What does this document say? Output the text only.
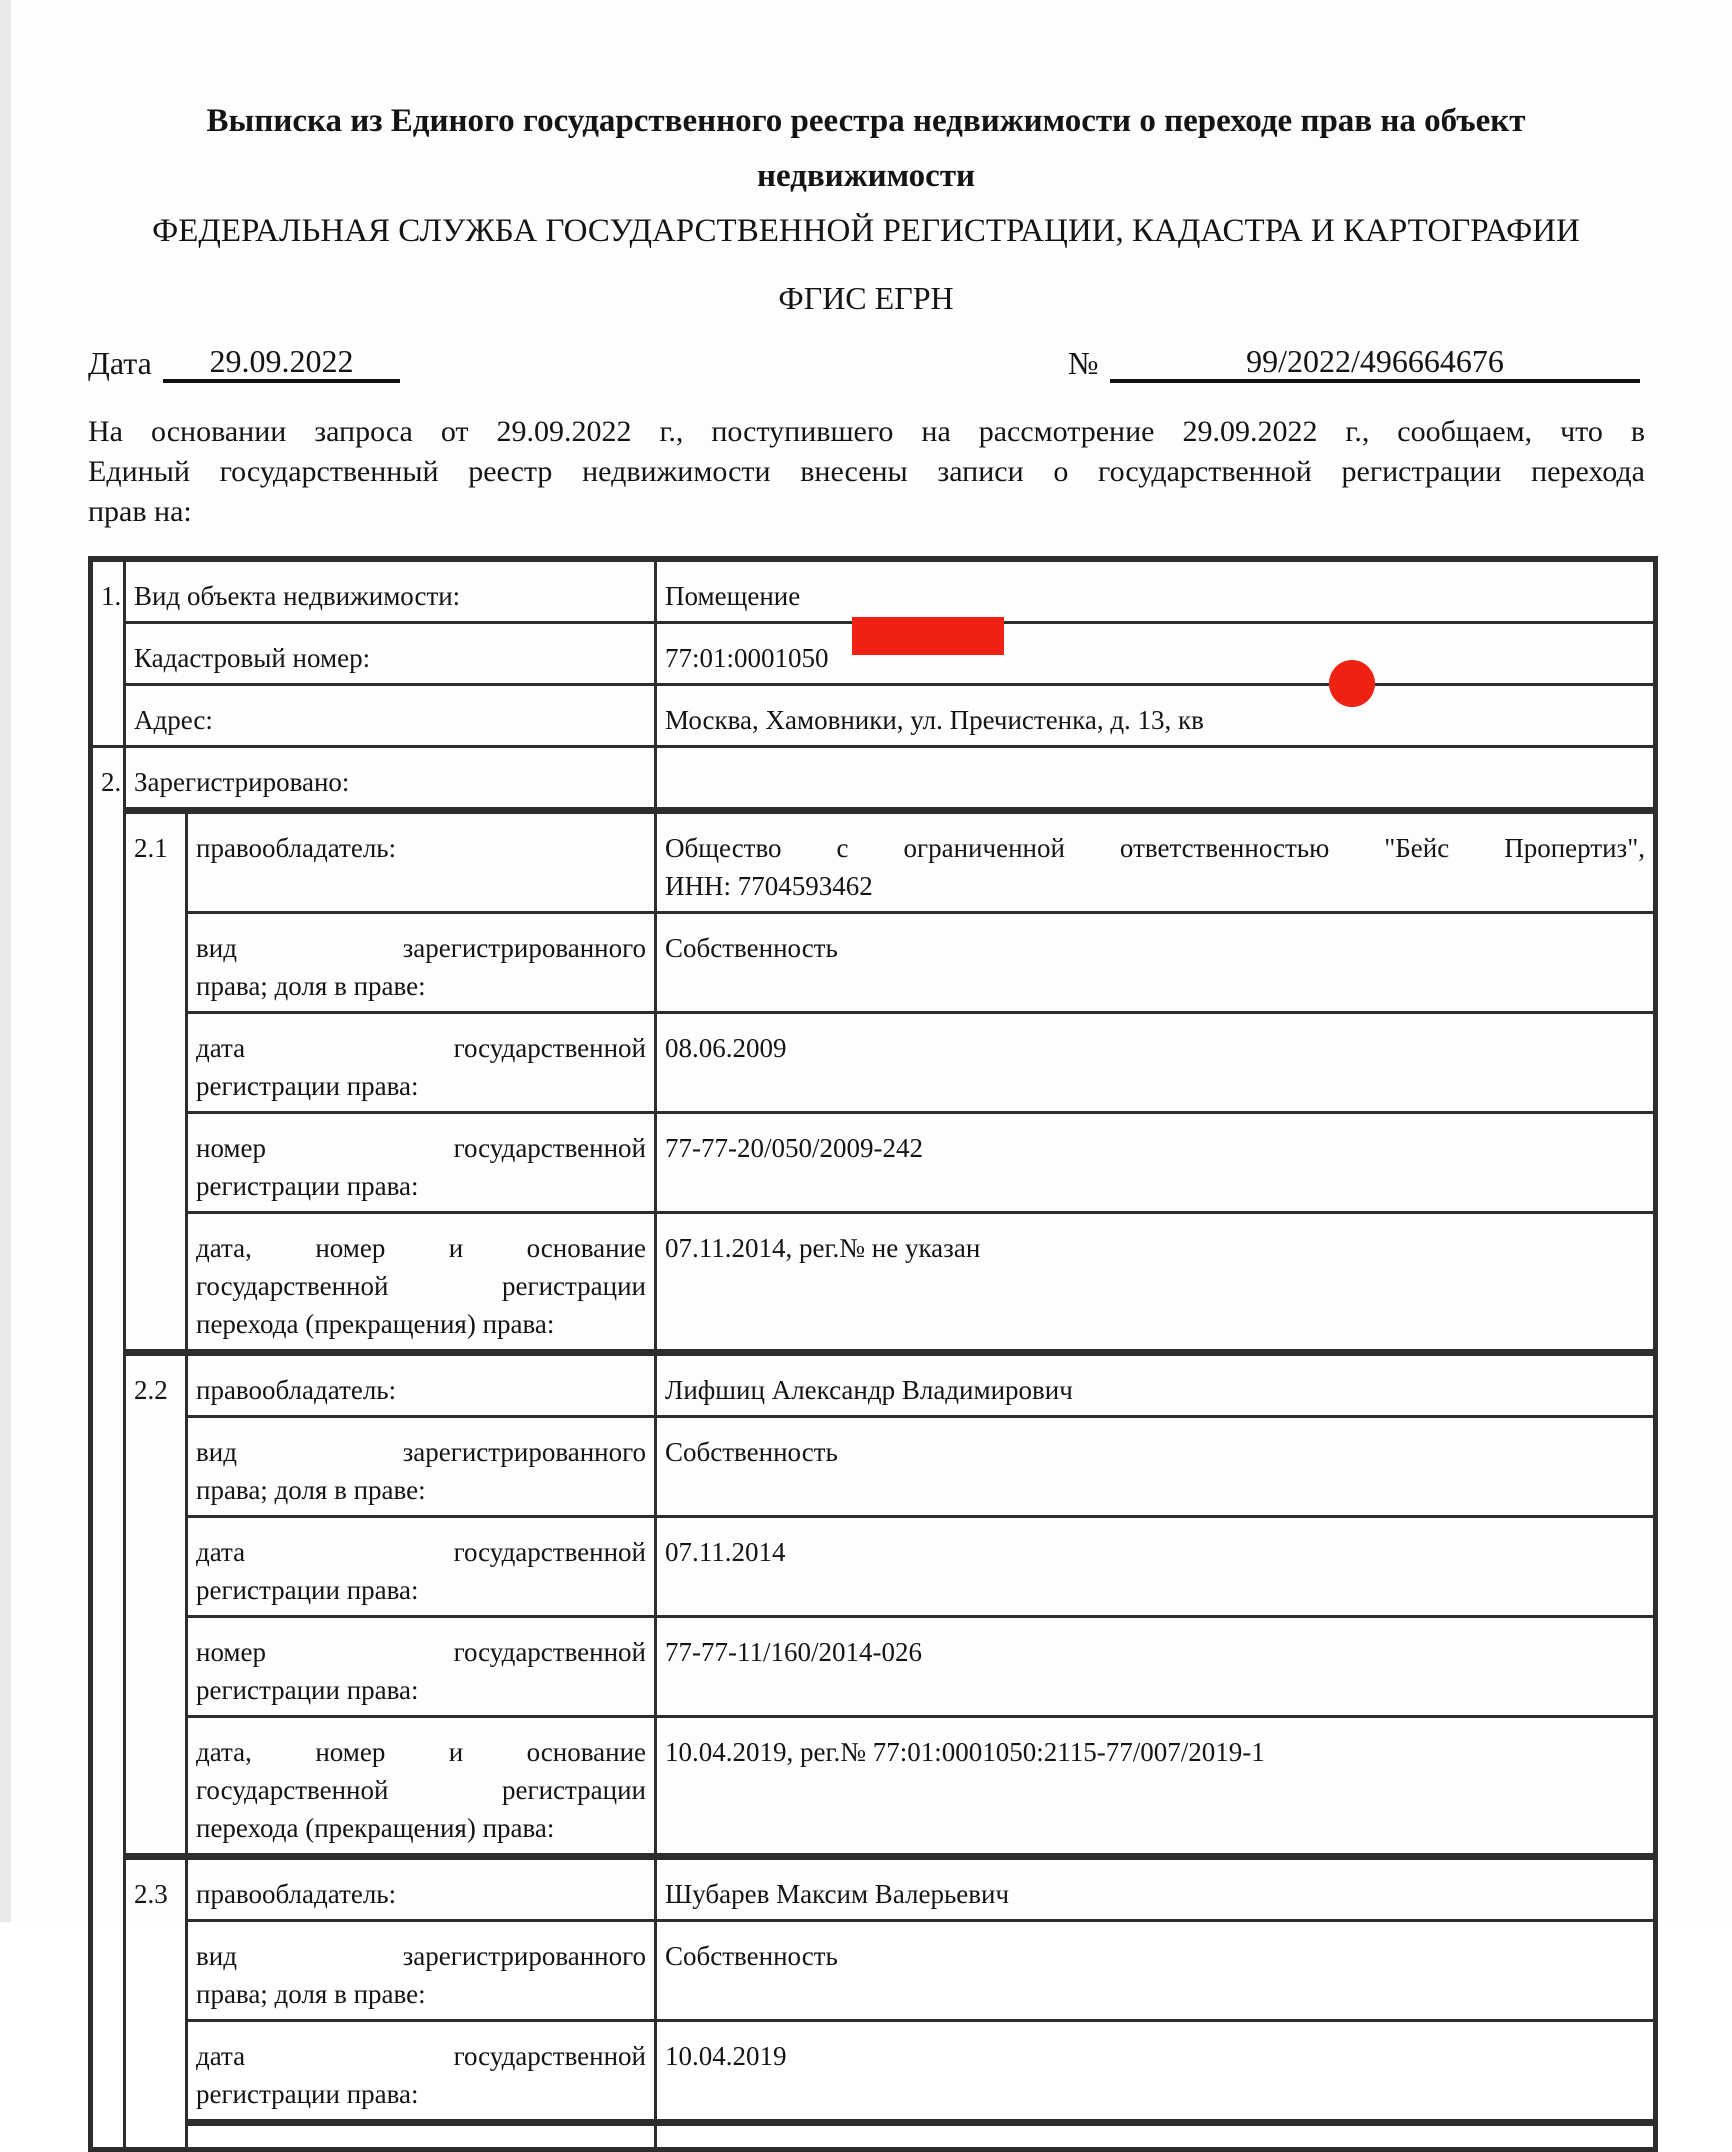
Выписка из Единого государственного реестра недвижимости о переходе прав на объект
недвижимости
ФЕДЕРАЛЬНАЯ СЛУЖБА ГОСУДАРСТВЕННОЙ РЕГИСТРАЦИИ, КАДАСТРА И КАРТОГРАФИИ
ФГИС ЕГРН
Дата	29.09.2022	№	99/2022/496664676
На основании запроса от 29.09.2022 г., поступившего на рассмотрение 29.09.2022 г., сообщаем, что в
Единый государственный реестр недвижимости внесены записи о государственной регистрации перехода
прав на:
1.	Вид объекта недвижимости:		Помещение

	Кадастровый номер:		77:01:0001050

	Адрес:		Москва, Хамовники, ул. Пречистенка, д. 13, кв

2.	Зарегистрировано:		

	2.1	правообладатель:	Общество с ограниченной ответственностью "Бейс Пропертиз",
ИНН: 7704593462

		вид зарегистрированного
права; доля в праве:	Собственность

		дата государственной
регистрации права:	08.06.2009

		номер государственной
регистрации права:	77-77-20/050/2009-242

		дата, номер и основание
государственной регистрации
перехода (прекращения) права:	07.11.2014, рег.№ не указан

	2.2	правообладатель:	Лифшиц Александр Владимирович

		вид зарегистрированного
права; доля в праве:	Собственность

		дата государственной
регистрации права:	07.11.2014

		номер государственной
регистрации права:	77-77-11/160/2014-026

		дата, номер и основание
государственной регистрации
перехода (прекращения) права:	10.04.2019, рег.№ 77:01:0001050:2115-77/007/2019-1

	2.3	правообладатель:	Шубарев Максим Валерьевич

		вид зарегистрированного
права; доля в праве:	Собственность

		дата государственной
регистрации права:	10.04.2019
